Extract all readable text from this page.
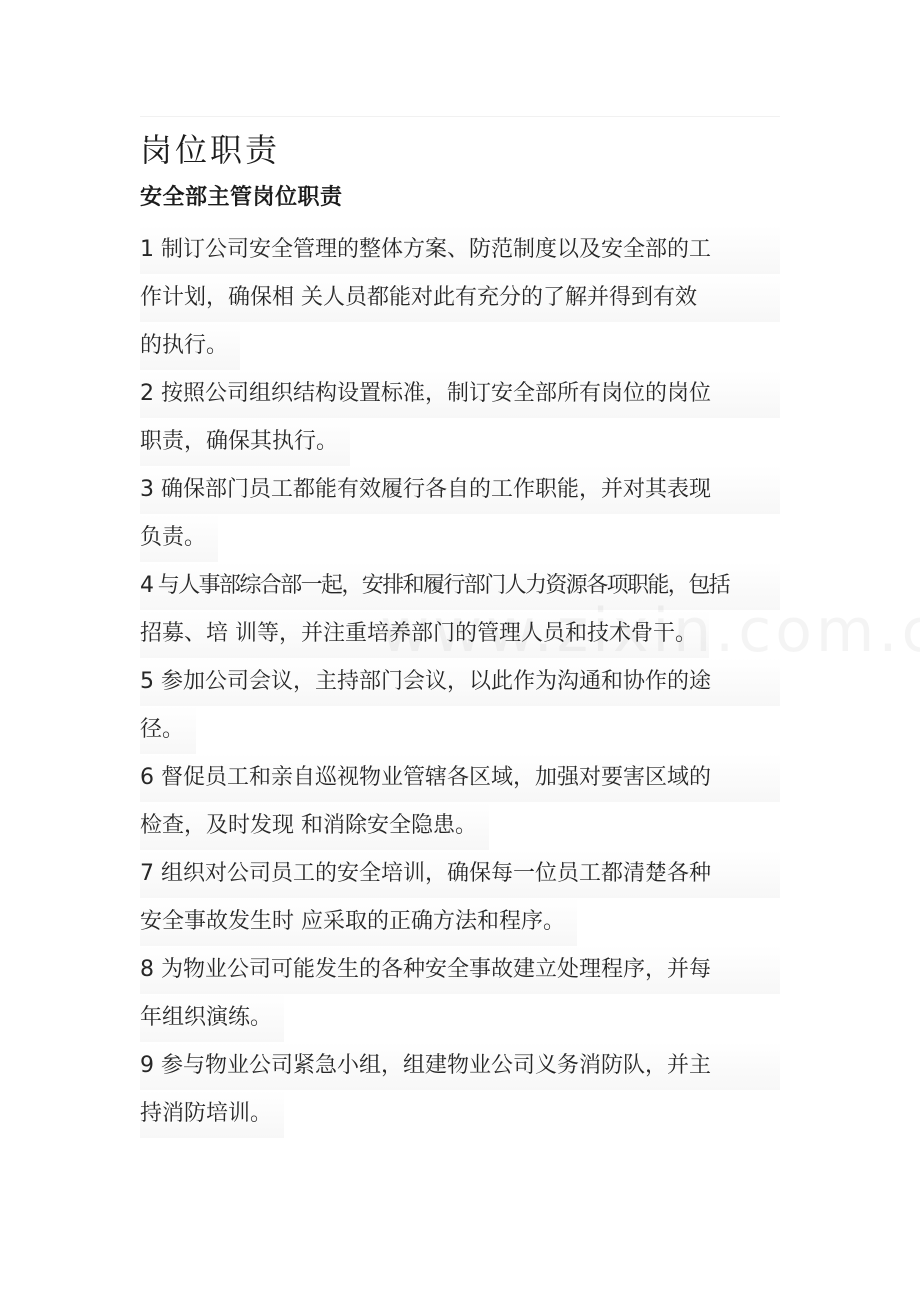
岗位职责
安全部主管岗位职责

1 制订公司安全管理的整体方案、防范制度以及安全部的工
作计划，确保相 关人员都能对此有充分的了解并得到有效
的执行。

2 按照公司组织结构设置标准，制订安全部所有岗位的岗位
职责，确保其执行。

3 确保部门员工都能有效履行各自的工作职能，并对其表现
负责。

4 与人事部综合部一起，安排和履行部门人力资源各项职能，包括
招募、培 训等，并注重培养部门的管理人员和技术骨干。

5 参加公司会议，主持部门会议，以此作为沟通和协作的途
径。

6 督促员工和亲自巡视物业管辖各区域，加强对要害区域的
检查，及时发现 和消除安全隐患。

7 组织对公司员工的安全培训，确保每一位员工都清楚各种
安全事故发生时 应采取的正确方法和程序。

8 为物业公司可能发生的各种安全事故建立处理程序，并每
年组织演练。

9 参与物业公司紧急小组，组建物业公司义务消防队，并主
持消防培训。
